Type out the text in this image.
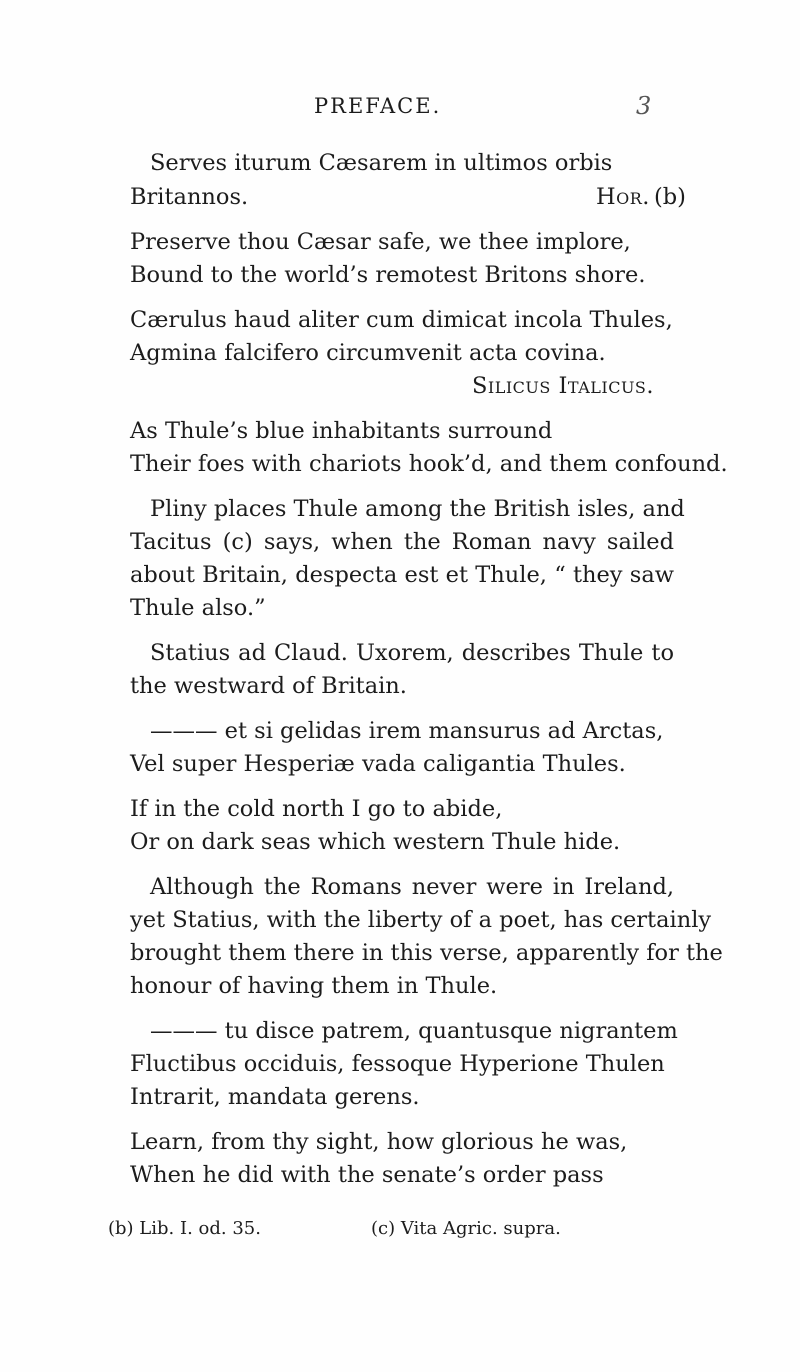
PREFACE.	3
Serves iturum Cæsarem in ultimos orbis
Britannos.	Hor. (b)
Preserve thou Cæsar safe, we thee implore,
Bound to the world’s remotest Britons shore.
Cærulus haud aliter cum dimicat incola Thules,
Agmina falcifero circumvenit acta covina.
Silicus Italicus.
As Thule’s blue inhabitants surround
Their foes with chariots hook’d, and them confound.
Pliny places Thule among the British isles, and
Tacitus (c) says, when the Roman navy sailed
about Britain, despecta est et Thule, “ they saw
Thule also.”
Statius ad Claud. Uxorem, describes Thule to
the westward of Britain.
——— et si gelidas irem mansurus ad Arctas,
Vel super Hesperiæ vada caligantia Thules.
If in the cold north I go to abide,
Or on dark seas which western Thule hide.
Although the Romans never were in Ireland,
yet Statius, with the liberty of a poet, has certainly
brought them there in this verse, apparently for the
honour of having them in Thule.
——— tu disce patrem, quantusque nigrantem
Fluctibus occiduis, fessoque Hyperione Thulen
Intrarit, mandata gerens.
Learn, from thy sight, how glorious he was,
When he did with the senate’s order pass
(b) Lib. I. od. 35.	(c) Vita Agric. supra.
